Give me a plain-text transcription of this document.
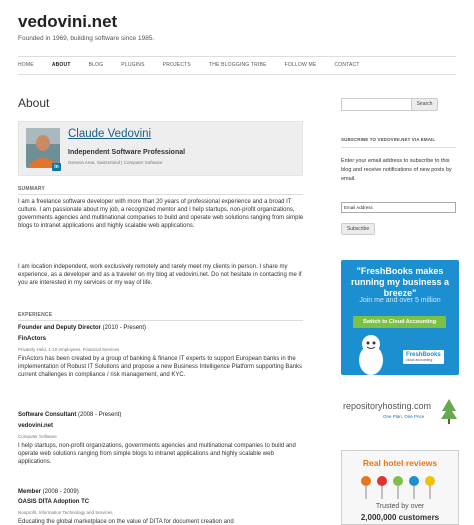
vedovini.net
Founded in 1969, building software since 1985.
HOME	ABOUT	BLOG	PLUGINS	PROJECTS	THE BLOGGING TRIBE	FOLLOW ME	CONTACT
About
in
Claude Vedovini
Independent Software Professional
Geneva Area, Switzerland | Computer Software
SUMMARY
I am a freelance software developer with more than 20 years of professional experience and a broad IT culture. I am passionate about my job, a recognized mentor and I help startups, non-profit organizations, governments agencies and multinational companies to build and operate web solutions ranging from simple blogs to intranet applications and highly scalable web applications.
I am location independent, work exclusively remotely and rarely meet my clients in person. I share my experience, as a developer and as a traveler on my blog at vedovini.net. Do not hesitate in contacting me if you are interested in my services or my way of life.
EXPERIENCE
Founder and Deputy Director (2010 - Present)
FinActors
Privately Held, 1-10 employees, Financial Services
FinActors has been created by a group of banking & finance IT experts to support European banks in the implementation of Robust IT Solutions and propose a new Business Intelligence Platform supporting Banks current challenges in compliance / risk management, and KYC.
Software Consultant (2008 - Present)
vedovini.net
Computer Software
I help startups, non-profit organizations, governments agencies and multinational companies to build and operate web solutions ranging from simple blogs to intranet applications and highly scalable web applications.
Member (2008 - 2009)
OASIS DITA Adoption TC
Nonprofit, Information Technology and Services
Educating the global marketplace on the value of DITA for document creation and
Search
SUBSCRIBE TO VEDOVINI.NET VIA EMAIL
Enter your email address to subscribe to this blog and receive notifications of new posts by email.
Email Address
Subscribe
"FreshBooks makes running my business a breeze"
Join me and over 5 million
Switch to Cloud Accounting
FreshBooks
cloud accounting
repositoryhosting.com
One Plan, One Price
Real hotel reviews
Trusted by over
2,000,000 customers
